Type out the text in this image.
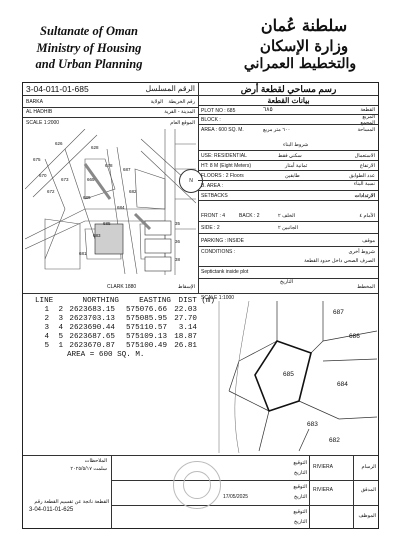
Sultanate of Oman
Ministry of Housing
and Urban Planning
سلطنة عُمان
وزارة الإسكان
والتخطيط العمراني
3-04-011-01-685	الرقم المسلسل	رسم مساحي لقطعة أرض
BARKA	الولاية	رقم الخريطة
AL HADHIB	المدينة - القرية
SCALE 1:2000	الموقع العام
626
628
675
670
673
672
678
665
687
689
682
684
685
683
681
35
36
38
CLARK 1880	الإسقاط
بيانات القطعة
PLOT NO : 685	٦٨٥	القطعة
المربع
BLOCK :	المجمع
AREA : 600 SQ. M.	٦٠٠ متر مربع	المساحة
شروط البناء
N
USE: RESIDENTIAL	سكني فقط	الاستعمال
HT: 8 M (Eight Meters)	ثمانية أمتار	الارتفاع
FLOORS : 2 Floors	طابقين	عدد الطوابق
نسبة البناء
B. AREA :
SETBACKS	الارتدادات
FRONT : 4	BACK : 2	الخلف ٢	الأمام ٤
SIDE : 2	الجانبين ٢
PARKING : INSIDE	موقف
CONDITIONS :	شروط أخرى
الصرف الصحي داخل حدود القطعة
Septictank inside plot
التاريخ
المخطط
SCALE 1:1000
LINE	NORTHING	EASTING DIST (m)
1	2 2623683.15	575076.66 22.03
2	3 2623703.13	575085.95 27.70
3	4 2623690.44	575110.57	3.14
4	5 2623687.65	575109.13 18.87
5	1 2623670.87	575100.49 26.81
AREA = 600 SQ. M.
687
686
685
684
683
682
الملاحظات
سلمت ٢٠٢٥/٥/١٧
القطعة ناتجة عن تقسيم القطعة رقم
3-04-011-01-625
التوقيع
التاريخ
RIVIERA	الرسام
التوقيع
17/05/2025	التاريخ
RIVIERA	المدقق
التوقيع
التاريخ
الموظف
